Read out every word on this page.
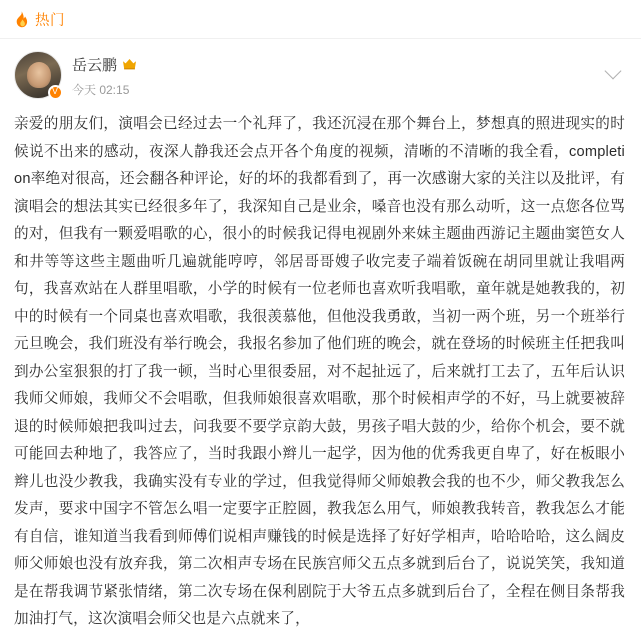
热门
V
岳云鹏
今天 02:15
亲爱的朋友们，演唱会已经过去一个礼拜了，我还沉浸在那个舞台上，梦想真的照进现实的时候说不出来的感动，夜深人静我还会点开各个角度的视频，清晰的不清晰的我全看，completion率绝对很高，还会翻各种评论，好的坏的我都看到了，再一次感谢大家的关注以及批评，有演唱会的想法其实已经很多年了，我深知自己是业余，嗓音也没有那么动听，这一点您各位骂的对，但我有一颗爱唱歌的心，很小的时候我记得电视剧外来妹主题曲西游记主题曲窦笆女人和井等等这些主题曲听几遍就能哼哼，邻居哥哥嫂子收完麦子端着饭碗在胡同里就让我唱两句，我喜欢站在人群里唱歌，小学的时候有一位老师也喜欢听我唱歌，童年就是她教我的，初中的时候有一个同桌也喜欢唱歌，我很羡慕他，但他没我勇敢，当初一两个班，另一个班举行元旦晚会，我们班没有举行晚会，我报名参加了他们班的晚会，就在登场的时候班主任把我叫到办公室狠狠的打了我一顿，当时心里很委屈，对不起扯远了，后来就打工去了，五年后认识我师父师娘，我师父不会唱歌，但我师娘很喜欢唱歌，那个时候相声学的不好，马上就要被辞退的时候师娘把我叫过去，问我要不要学京韵大鼓，男孩子唱大鼓的少，给你个机会，要不就可能回去种地了，我答应了，当时我跟小辫儿一起学，因为他的优秀我更自卑了，好在板眼小辫儿也没少教我，我确实没有专业的学过，但我觉得师父师娘教会我的也不少，师父教我怎么发声，要求中国字不管怎么唱一定要字正腔圆，教我怎么用气，师娘教我转音，教我怎么才能有自信，谁知道当我看到师傅们说相声赚钱的时候是选择了好好学相声，哈哈哈哈，这么阔皮师父师娘也没有放弃我，第二次相声专场在民族宫师父五点多就到后台了，说说笑笑，我知道是在帮我调节紧张情绪，第二次专场在保利剧院于大爷五点多就到后台了，全程在侧目条帮我加油打气，这次演唱会师父也是六点就来了，
